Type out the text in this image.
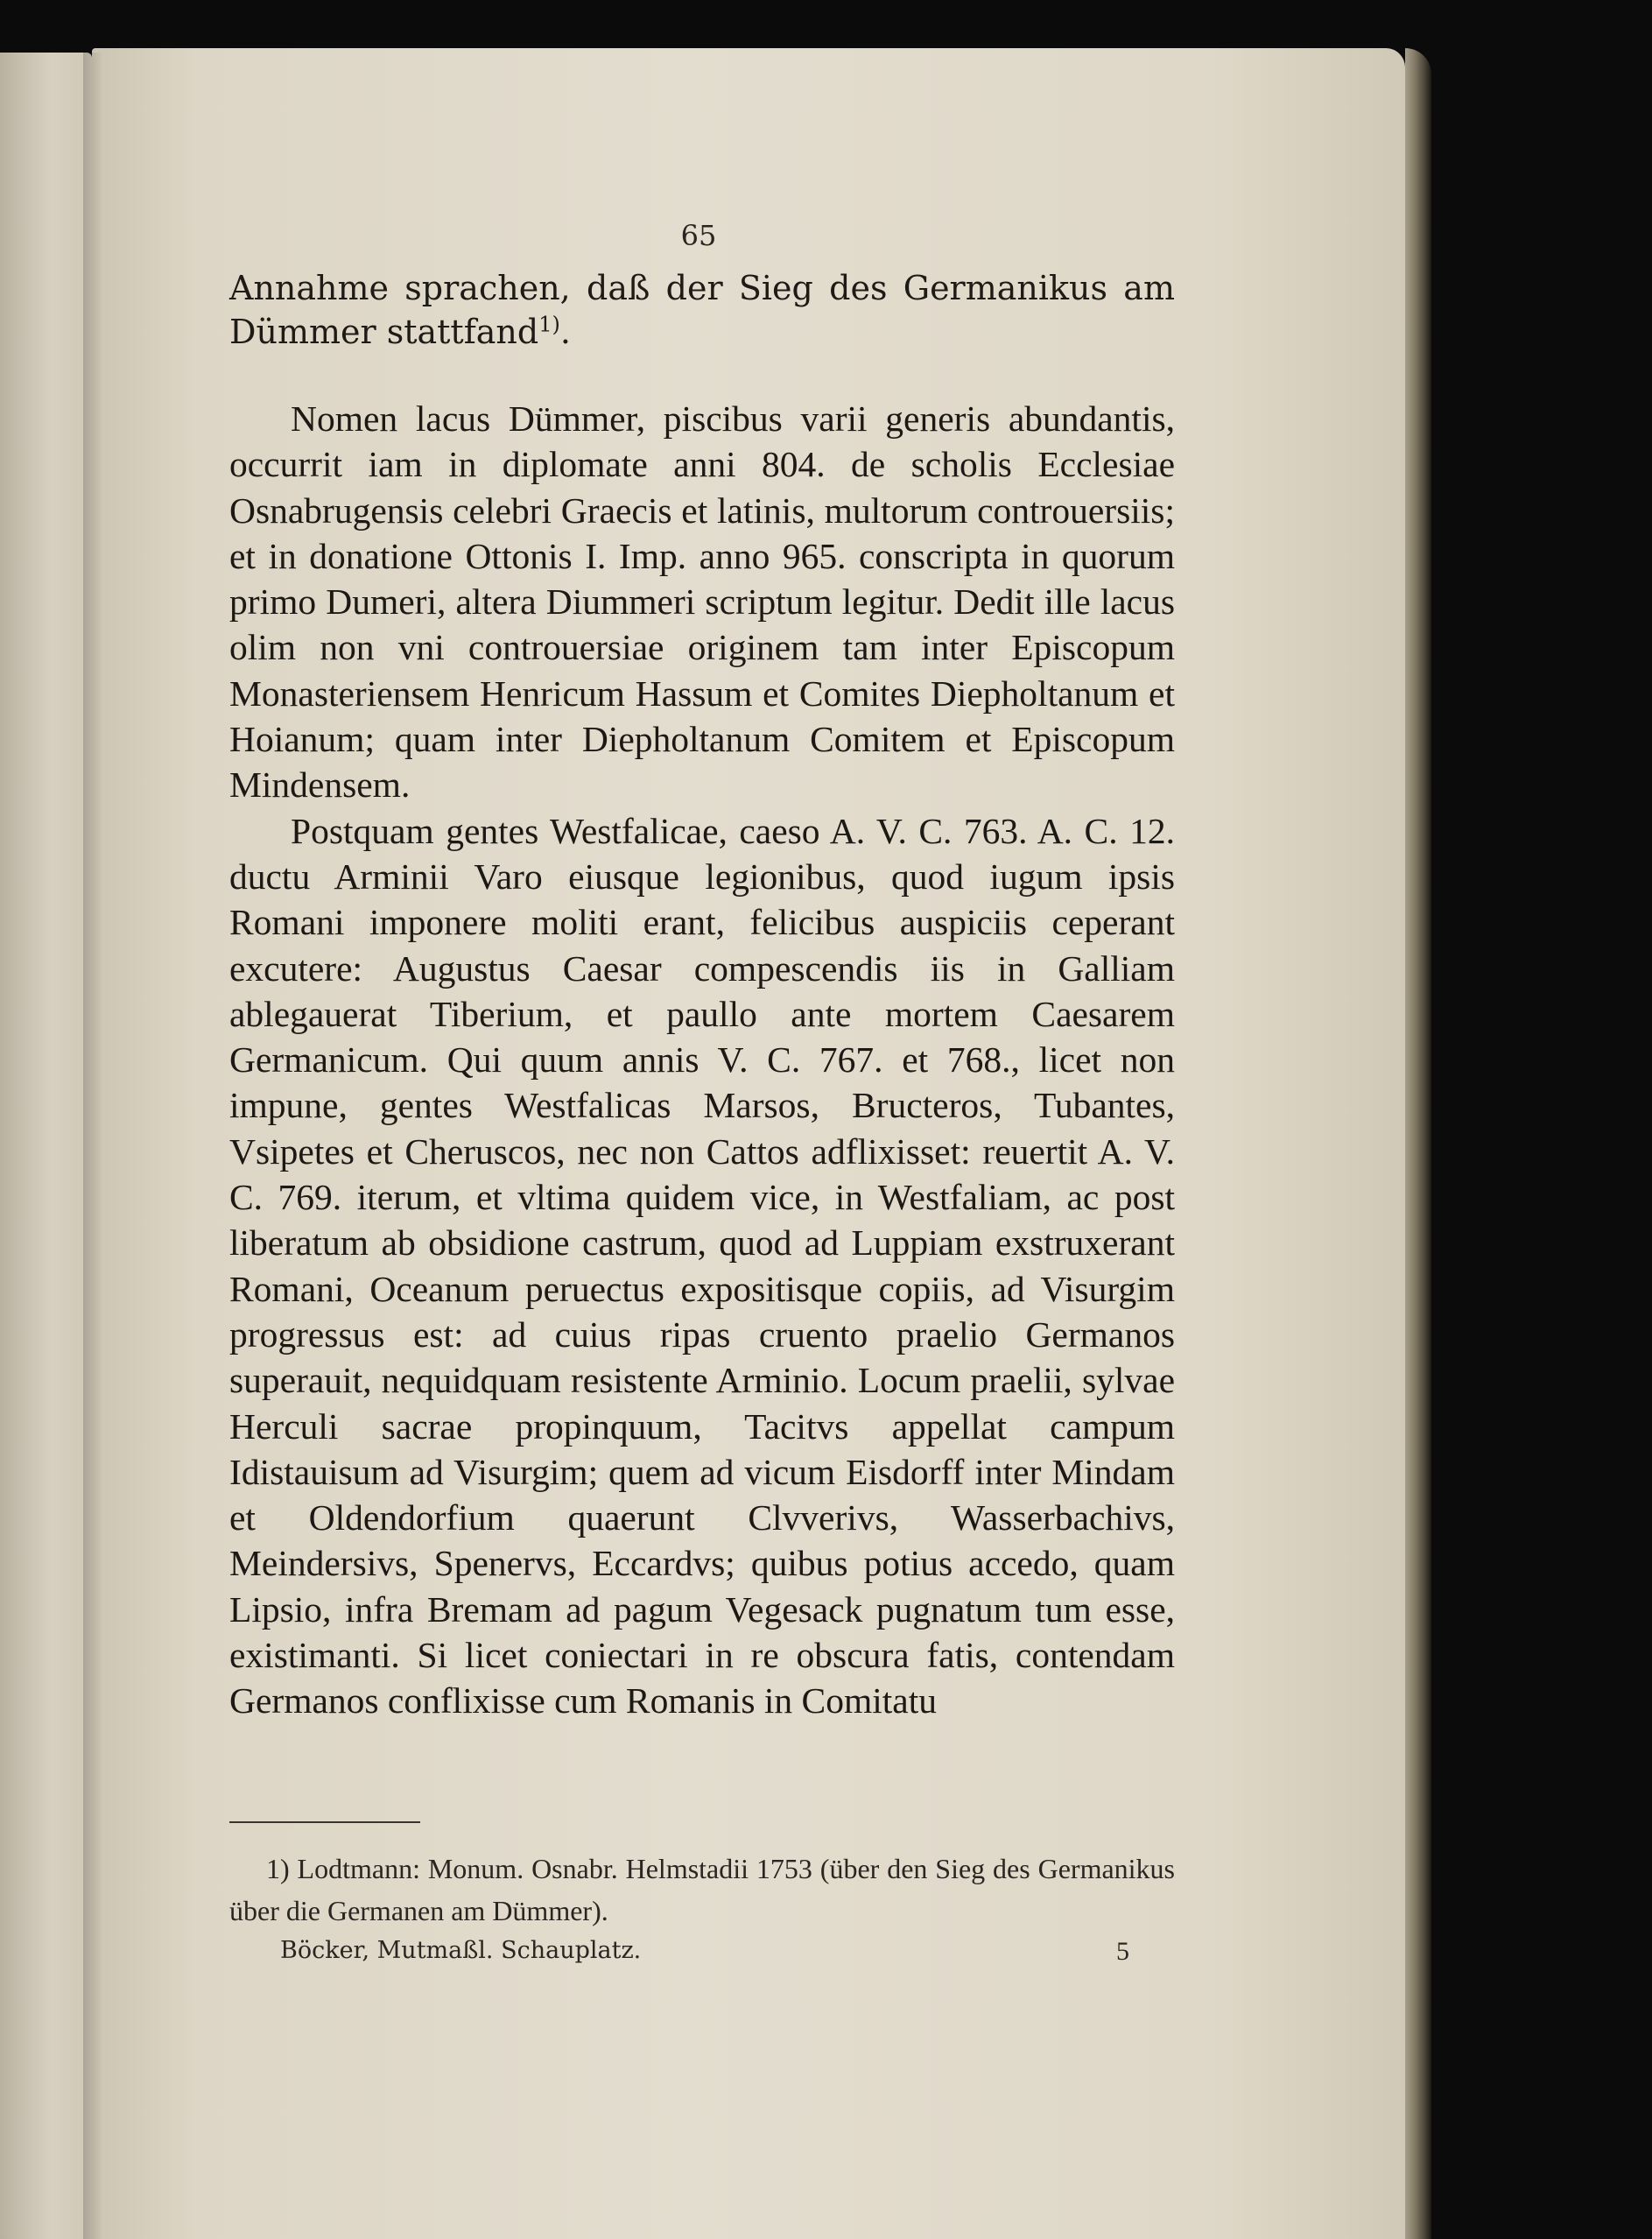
65
Annahme sprachen, daß der Sieg des Germanikus am Dümmer stattfand$^{1)}$.

Nomen lacus Dümmer, piscibus varii generis abundantis, occurrit iam in diplomate anni 804. de scholis Ecclesiae Osnabrugensis celebri Graecis et latinis, multorum controuersiis; et in donatione Ottonis I. Imp. anno 965. conscripta in quorum primo Dumeri, altera Diummeri scriptum legitur. Dedit ille lacus olim non vni controuersiae originem tam inter Episcopum Monasteriensem Henricum Hassum et Comites Diepholtanum et Hoianum; quam inter Diepholtanum Comitem et Episcopum Mindensem.

Postquam gentes Westfalicae, caeso A. V. C. 763. A. C. 12. ductu Arminii Varo eiusque legionibus, quod iugum ipsis Romani imponere moliti erant, felicibus auspiciis ceperant excutere: Augustus Caesar compescendis iis in Galliam ablegauerat Tiberium, et paullo ante mortem Caesarem Germanicum. Qui quum annis V. C. 767. et 768., licet non impune, gentes Westfalicas Marsos, Bructeros, Tubantes, Vsipetes et Cheruscos, nec non Cattos adflixisset: reuertit A. V. C. 769. iterum, et vltima quidem vice, in Westfaliam, ac post liberatum ab obsidione castrum, quod ad Luppiam exstruxerant Romani, Oceanum peruectus expositisque copiis, ad Visurgim progressus est: ad cuius ripas cruento praelio Germanos superauit, nequidquam resistente Arminio. Locum praelii, sylvae Herculi sacrae propinquum, Tacitvs appellat campum Idistauisum ad Visurgim; quem ad vicum Eisdorff inter Mindam et Oldendorfium quaerunt Clvverivs, Wasserbachivs, Meindersivs, Spenervs, Eccardvs; quibus potius accedo, quam Lipsio, infra Bremam ad pagum Vegesack pugnatum tum esse, existimanti. Si licet coniectari in re obscura fatis, contendam Germanos conflixisse cum Romanis in Comitatu

1) Lodtmann: Monum. Osnabr. Helmstadii 1753 (über den Sieg des Germanikus über die Germanen am Dümmer).
Böcker, Mutmaßl. Schauplatz.	5
